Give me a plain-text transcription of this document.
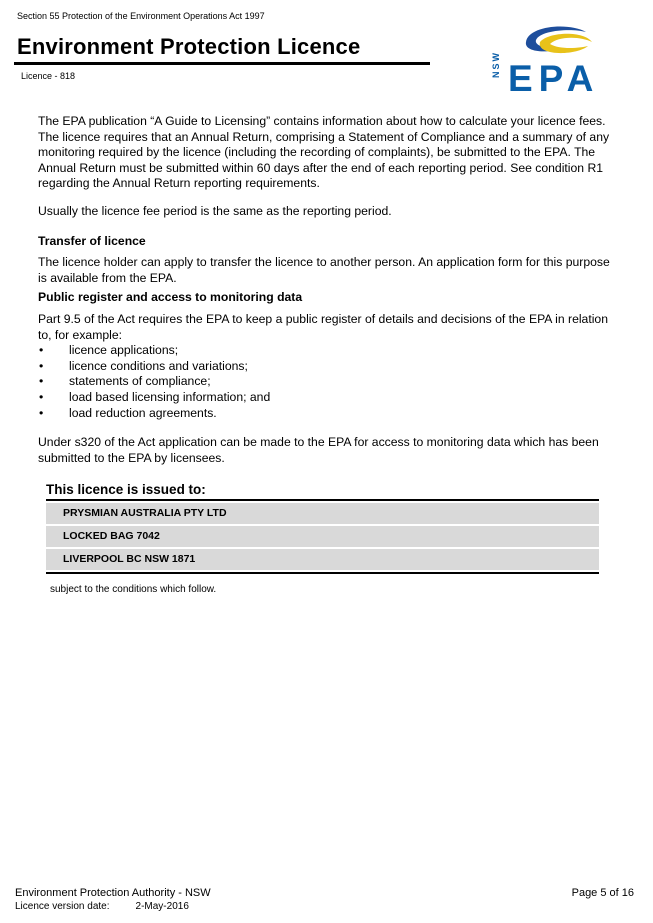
Section 55 Protection of the Environment Operations Act 1997
Environment Protection Licence
Licence - 818	NSW EPA

The EPA publication “A Guide to Licensing” contains information about how to calculate your licence fees. The licence requires that an Annual Return, comprising a Statement of Compliance and a summary of any monitoring required by the licence (including the recording of complaints), be submitted to the EPA. The Annual Return must be submitted within 60 days after the end of each reporting period. See condition R1 regarding the Annual Return reporting requirements.

Usually the licence fee period is the same as the reporting period.

Transfer of licence

The licence holder can apply to transfer the licence to another person. An application form for this purpose is available from the EPA.

Public register and access to monitoring data

Part 9.5 of the Act requires the EPA to keep a public register of details and decisions of the EPA in relation to, for example:

• licence applications;
• licence conditions and variations;
• statements of compliance;
• load based licensing information; and
• load reduction agreements.

Under s320 of the Act application can be made to the EPA for access to monitoring data which has been submitted to the EPA by licensees.

This licence is issued to:
PRYSMIAN AUSTRALIA PTY LTD
LOCKED BAG 7042
LIVERPOOL BC NSW 1871
subject to the conditions which follow.
Environment Protection Authority - NSW
Licence version date:	2-May-2016
Page 5 of 16
